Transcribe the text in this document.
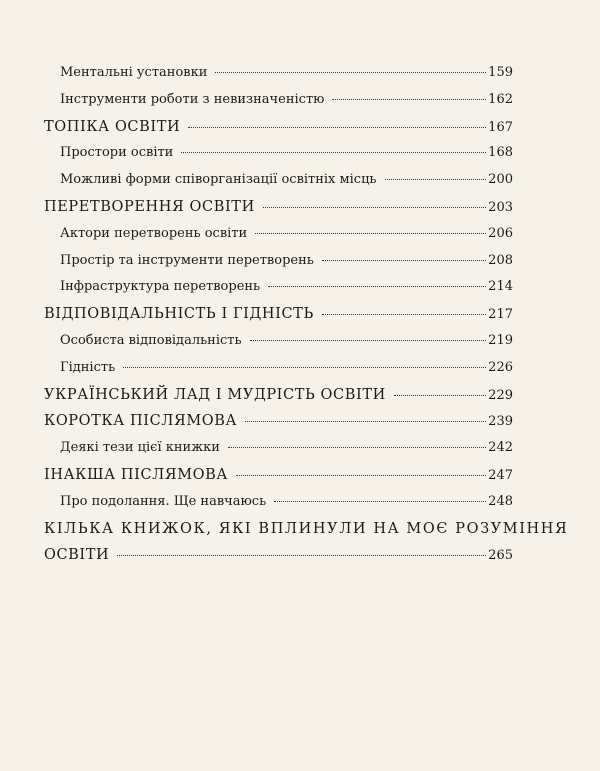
Ментальні установки	159
Інструменти роботи з невизначеністю	162
ТОПІКА ОСВІТИ	167
Простори освіти	168
Можливі форми співорганізації освітніх місць	200
ПЕРЕТВОРЕННЯ ОСВІТИ	203
Актори перетворень освіти	206
Простір та інструменти перетворень	208
Інфраструктура перетворень	214
ВІДПОВІДАЛЬНІСТЬ І ГІДНІСТЬ	217
Особиста відповідальність	219
Гідність	226
УКРАЇНСЬКИЙ ЛАД І МУДРІСТЬ ОСВІТИ	229
КОРОТКА ПІСЛЯМОВА	239
Деякі тези цієї книжки	242
ІНАКША ПІСЛЯМОВА	247
Про подолання. Ще навчаюсь	248
КІЛЬКА КНИЖОК, ЯКІ ВПЛИНУЛИ НА МОЄ РОЗУМІННЯ
ОСВІТИ	265
